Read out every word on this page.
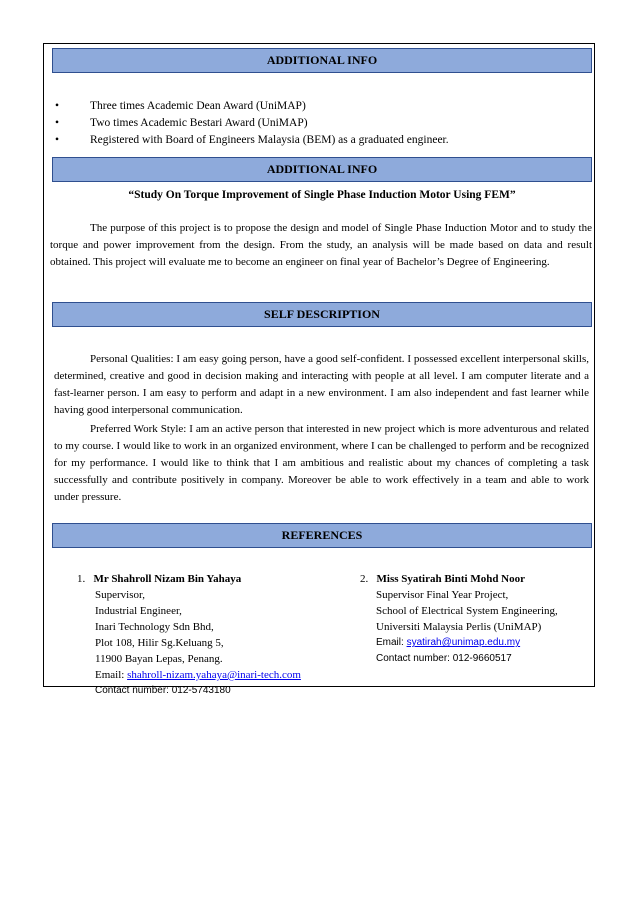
ADDITIONAL INFO
•	Three times Academic Dean Award (UniMAP)
•	Two times Academic Bestari Award (UniMAP)
•	Registered with Board of Engineers Malaysia (BEM) as a graduated engineer.
ADDITIONAL INFO
“Study On Torque Improvement of Single Phase Induction Motor Using FEM”

The purpose of this project is to propose the design and model of Single Phase Induction Motor and to study the torque and power improvement from the design. From the study, an analysis will be made based on data and result obtained. This project will evaluate me to become an engineer on final year of Bachelor’s Degree of Engineering.

SELF DESCRIPTION

Personal Qualities: I am easy going person, have a good self-confident. I possessed excellent interpersonal skills, determined, creative and good in decision making and interacting with people at all level. I am computer literate and a fast-learner person. I am easy to perform and adapt in a new environment. I am also independent and fast learner while having good interpersonal communication.

Preferred Work Style: I am an active person that interested in new project which is more adventurous and related to my course. I would like to work in an organized environment, where I can be challenged to perform and be recognized for my performance. I would like to think that I am ambitious and realistic about my chances of completing a task successfully and contribute positively in company. Moreover be able to work effectively in a team and able to work under pressure.

REFERENCES
1. Mr Shahroll Nizam Bin Yahaya
Supervisor,
Industrial Engineer,
Inari Technology Sdn Bhd,
Plot 108, Hilir Sg.Keluang 5,
11900 Bayan Lepas, Penang.
Email: shahroll-nizam.yahaya@inari-tech.com
Contact number: 012-5743180
2. Miss Syatirah Binti Mohd Noor
Supervisor Final Year Project,
School of Electrical System Engineering,
Universiti Malaysia Perlis (UniMAP)
Email: syatirah@unimap.edu.my
Contact number: 012-9660517
